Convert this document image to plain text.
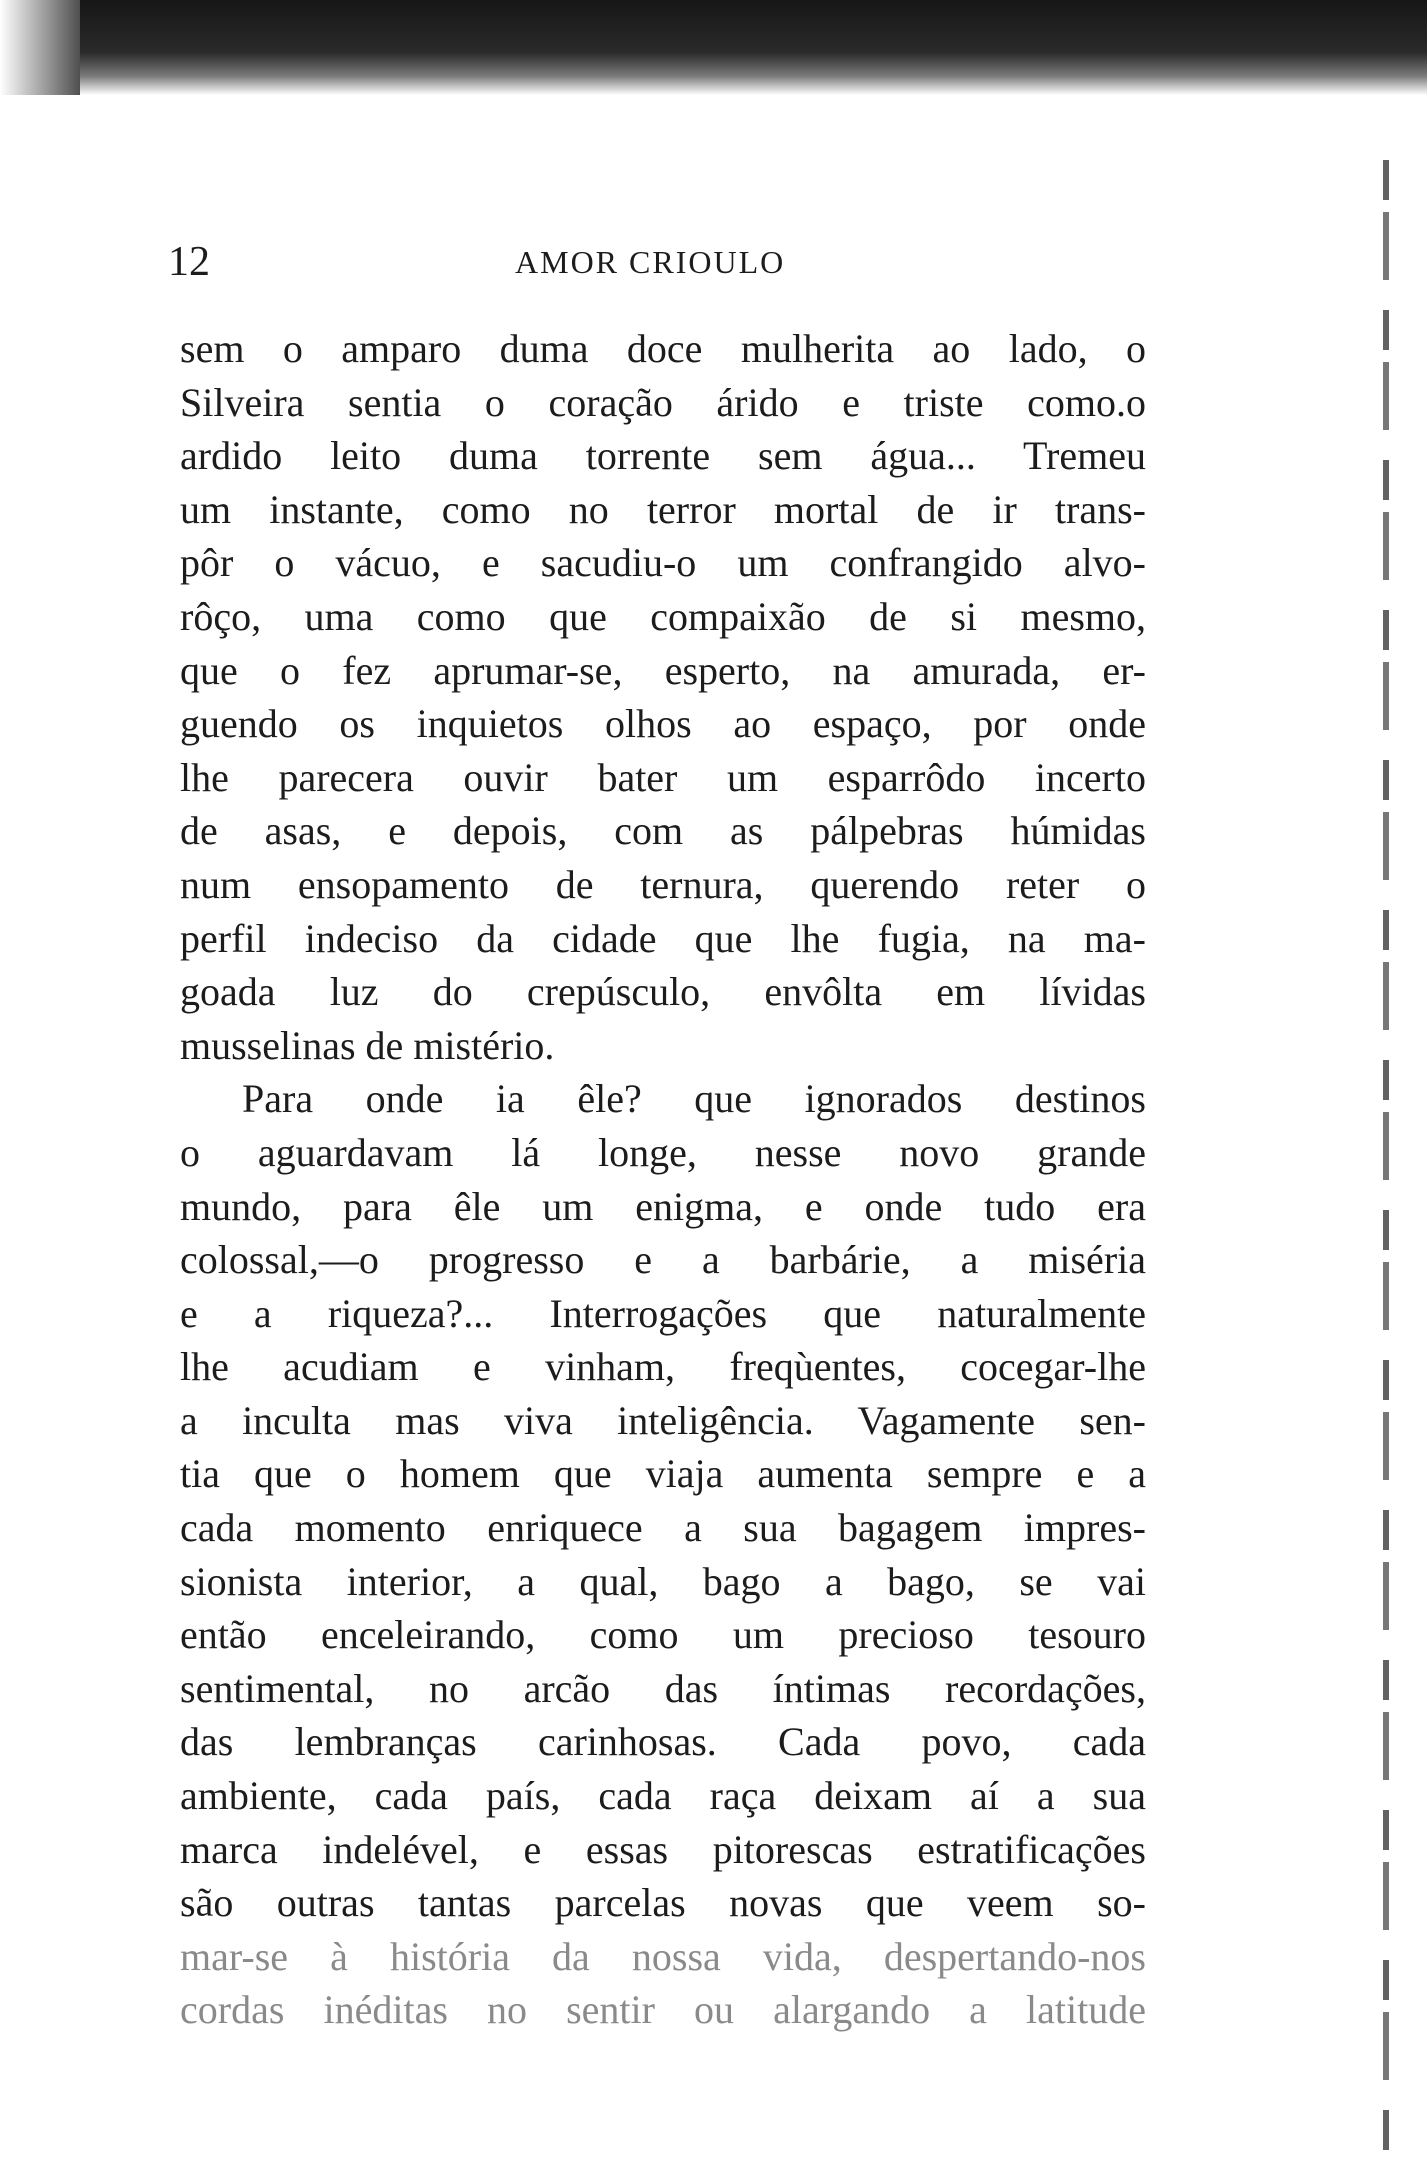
12	AMOR CRIOULO
sem o amparo duma doce mulherita ao lado, o
Silveira sentia o coração árido e triste como.o
ardido leito duma torrente sem água... Tremeu
um instante, como no terror mortal de ir trans-
pôr o vácuo, e sacudiu-o um confrangido alvo-
rôço, uma como que compaixão de si mesmo,
que o fez aprumar-se, esperto, na amurada, er-
guendo os inquietos olhos ao espaço, por onde
lhe parecera ouvir bater um esparrôdo incerto
de asas, e depois, com as pálpebras húmidas
num ensopamento de ternura, querendo reter o
perfil indeciso da cidade que lhe fugia, na ma-
goada luz do crepúsculo, envôlta em lívidas
musselinas de mistério.
Para onde ia êle? que ignorados destinos
o aguardavam lá longe, nesse novo grande
mundo, para êle um enigma, e onde tudo era
colossal,—o progresso e a barbárie, a miséria
e a riqueza?... Interrogações que naturalmente
lhe acudiam e vinham, freqùentes, cocegar-lhe
a inculta mas viva inteligência. Vagamente sen-
tia que o homem que viaja aumenta sempre e a
cada momento enriquece a sua bagagem impres-
sionista interior, a qual, bago a bago, se vai
então enceleirando, como um precioso tesouro
sentimental, no arcão das íntimas recordações,
das lembranças carinhosas. Cada povo, cada
ambiente, cada país, cada raça deixam aí a sua
marca indelével, e essas pitorescas estratificações
são outras tantas parcelas novas que veem so-
mar-se à história da nossa vida, despertando-nos
cordas inéditas no sentir ou alargando a latitude
